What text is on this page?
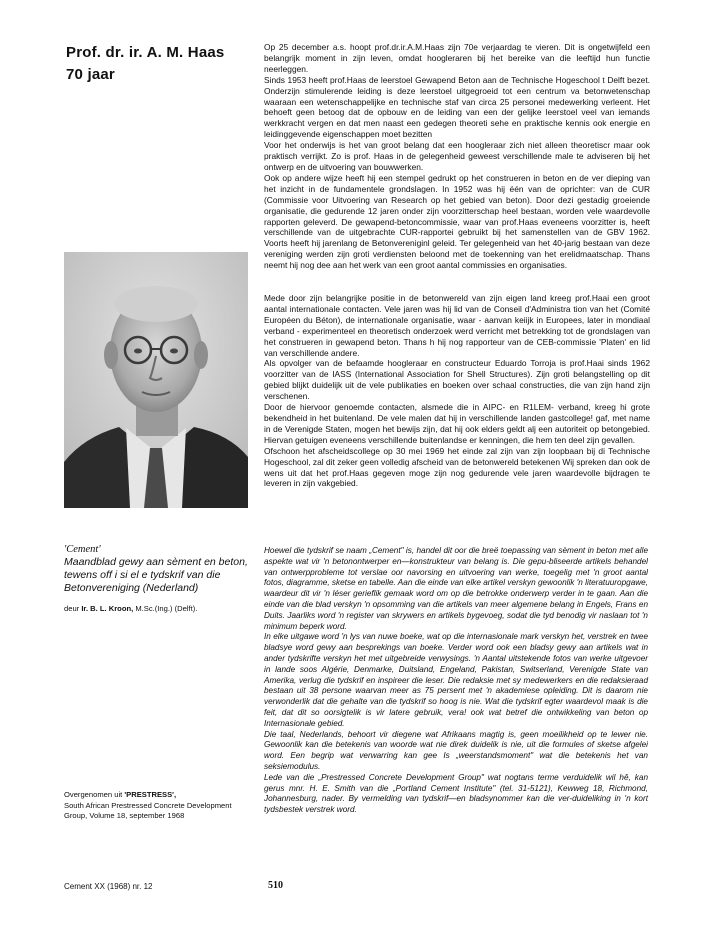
Prof. dr. ir. A. M. Haas
70 jaar

Op 25 december a.s. hoopt prof.dr.ir.A.M.Haas zijn 70e verjaardag te vieren. Dit is ongetwijfeld een belangrijk moment in zijn leven, omdat hoogleraren bij het bereike van die leeftijd hun functie neerleggen.

Sinds 1953 heeft prof.Haas de leerstoel Gewapend Beton aan de Technische Hogeschool t Delft bezet. Onderzijn stimulerende leiding is deze leerstoel uitgegroeid tot een centrum va betonwetenschap waaraan een wetenschappelijke en technische staf van circa 25 personei medewerking verleent. Het behoeft geen betoog dat de opbouw en de leiding van een der gelijke leerstoel veel van iemands werkkracht vergen en dat men naast een gedegen theoreti sehe en praktische kennis ook energie en leidinggevende eigenschappen moet bezitten

Voor het onderwijs is het van groot belang dat een hoogleraar zich niet alleen theoretiscr maar ook praktisch verrijkt. Zo is prof. Haas in de gelegenheid geweest verschillende male te adviseren bij het ontwerp en de uitvoering van bouwwerken.

Ook op andere wijze heeft hij een stempel gedrukt op het construeren in beton en de ver dieping van het inzicht in de fundamentele grondslagen. In 1952 was hij één van de oprichter: van de CUR (Commissie voor Uitvoering van Research op het gebied van beton). Door dezi gestadig groeiende organisatie, die gedurende 12 jaren onder zijn voorzitterschap heel bestaan, worden vele waardevolle rapporten geleverd. De gewapend-betoncommissie, waar van prof.Haas eveneens voorzitter is, heeft verschillende van de uitgebrachte CUR-rapportei gebruikt bij het samenstellen van de GBV 1962. Voorts heeft hij jarenlang de Betonvereniginl geleid. Ter gelegenheid van het 40-jarig bestaan van deze vereniging werden zijn groti verdiensten beloond met de toekenning van het erelidmaatschap. Thans neemt hij nog dee aan het werk van een groot aantal commissies en organisaties.

Mede door zijn belangrijke positie in de betonwereld van zijn eigen land kreeg prof.Haai een groot aantal internationale contacten. Vele jaren was hij lid van de Conseil d'Administra tion van het (Comité Européen du Béton), de internationale organisatie, waar - aanvan keiijk in Europees, later in mondiaal verband - experimenteel en theoretisch onderzoek werd verricht met betrekking tot de grondslagen van het construeren in gewapend beton. Thans h hij nog rapporteur van de CEB-commissie 'Platen' en lid van verschillende andere.

Als opvolger van de befaamde hoogleraar en constructeur Eduardo Torroja is prof.Haai sinds 1962 voorzitter van de IASS (International Association for Shell Structures). Zijn groti belangstelling op dit gebied blijkt duidelijk uit de vele publikaties en boeken over schaal constructies, die van zijn hand zijn verschenen.

Door de hiervoor genoemde contacten, alsmede die in AIPC- en R1LEM- verband, kreeg hi grote bekendheid in het buitenland. De vele malen dat hij in verschillende landen gastcollege! gaf, met name in de Verenigde Staten, mogen het bewijs zijn, dat hij ook elders geldt alj een autoriteit op betongebied. Hiervan getuigen eveneens verschillende buitenlandse er kenningen, die hem ten deel zijn gevallen.

Ofschoon het afscheidscollege op 30 mei 1969 het einde zal zijn van zijn loopbaan bij di Technische Hogeschool, zal dit zeker geen volledig afscheid van de betonwereld betekenen Wij spreken dan ook de wens uit dat het prof.Haas gegeven moge zijn nog gedurende vele jaren waardevolle bijdragen te leveren in zijn vakgebied.

'Cement'
Maandblad gewy aan sèment en beton, tewens off i si el e tydskrif van die Betonvereniging (Nederland)
deur Ir. B. L. Kroon, M.Sc.(Ing.) (Delft).

Hoewel die tydskrif se naam „Cement" is, handel dit oor die breë toepassing van sèment in beton met alle aspekte wat vir 'n betonontwerper en—konstrukteur van belang is. Die gepu-bliseerde artikels behandel van ontwerpprobleme tot verslae oor navorsing en uitvoering van werke, toegelig met 'n groot aantal fotos, diagramme, sketse en tabelle. Aan die einde van elke artikel verskyn gewoonlik 'n literatuuropgawe, waardeur dit vir 'n léser gerieflik gemaak word om op die betrokke onderwerp verder in te gaan. Aan die einde van die blad verskyn 'n opsomming van die artikels van meer algemene belang in Engels, Frans en Duits. Jaarliks word 'n register van skrywers en artikels bygevoeg, sodat die tyd benodig vir naslaan tot 'n minimum beperk word.

In elke uitgawe word 'n lys van nuwe boeke, wat op die internasionale mark verskyn het, verstrek en twee bladsye word gewy aan besprekings van boeke. Verder word ook een bladsy gewy aan artikels wat in ander tydskrifte verskyn het met uitgebreide verwysings. 'n Aantal uitstekende fotos van werke uitgevoer in lande soos Algérie, Denmarke, Duitsland, Engeland, Pakistan, Switserland, Verenigde State van Amerika, verlug die tydskrif en inspireer die leser. Die redaksie met sy medewerkers en die redaksieraad bestaan uit 38 persone waarvan meer as 75 persent met 'n akademiese opleiding. Dit is daarom nie verwonderlik dat die gehalte van die tydskrif so hoog is nie. Wat die tydskrif egter waardevol maak is die feit, dat dit so oorsigtelik is vir latere gebruik, vera! ook wat betref die ontwikkeling van beton op Internasionale gebied.

Die taal, Nederlands, behoort vir diegene wat Afrikaans magtig is, geen moeilikheid op te lewer nie. Gewoonlik kan die betekenis van woorde wat nie direk duidelik is nie, uit die formules of sketse afgelei word. Een begrip wat verwarring kan gee Is „weerstandsmoment" wat die betekenis het van seksiemodulus.

Lede van die „Prestressed Concrete Development Group" wat nogtans terme verduidelik wil hê, kan gerus mnr. H. E. Smith van die „Portland Cement Institute" (tel. 31-5121), Kewweg 18, Richmond, Johannesburg, nader. By vermelding van tydskrif—en bladsynommer kan die ver-duideliking in 'n kort tydsbestek verstrek word.

Overgenomen uit 'PRESTRESS',
South African Prestressed Concrete Development Group, Volume 18, september 1968
Cement XX (1968) nr. 12	510
